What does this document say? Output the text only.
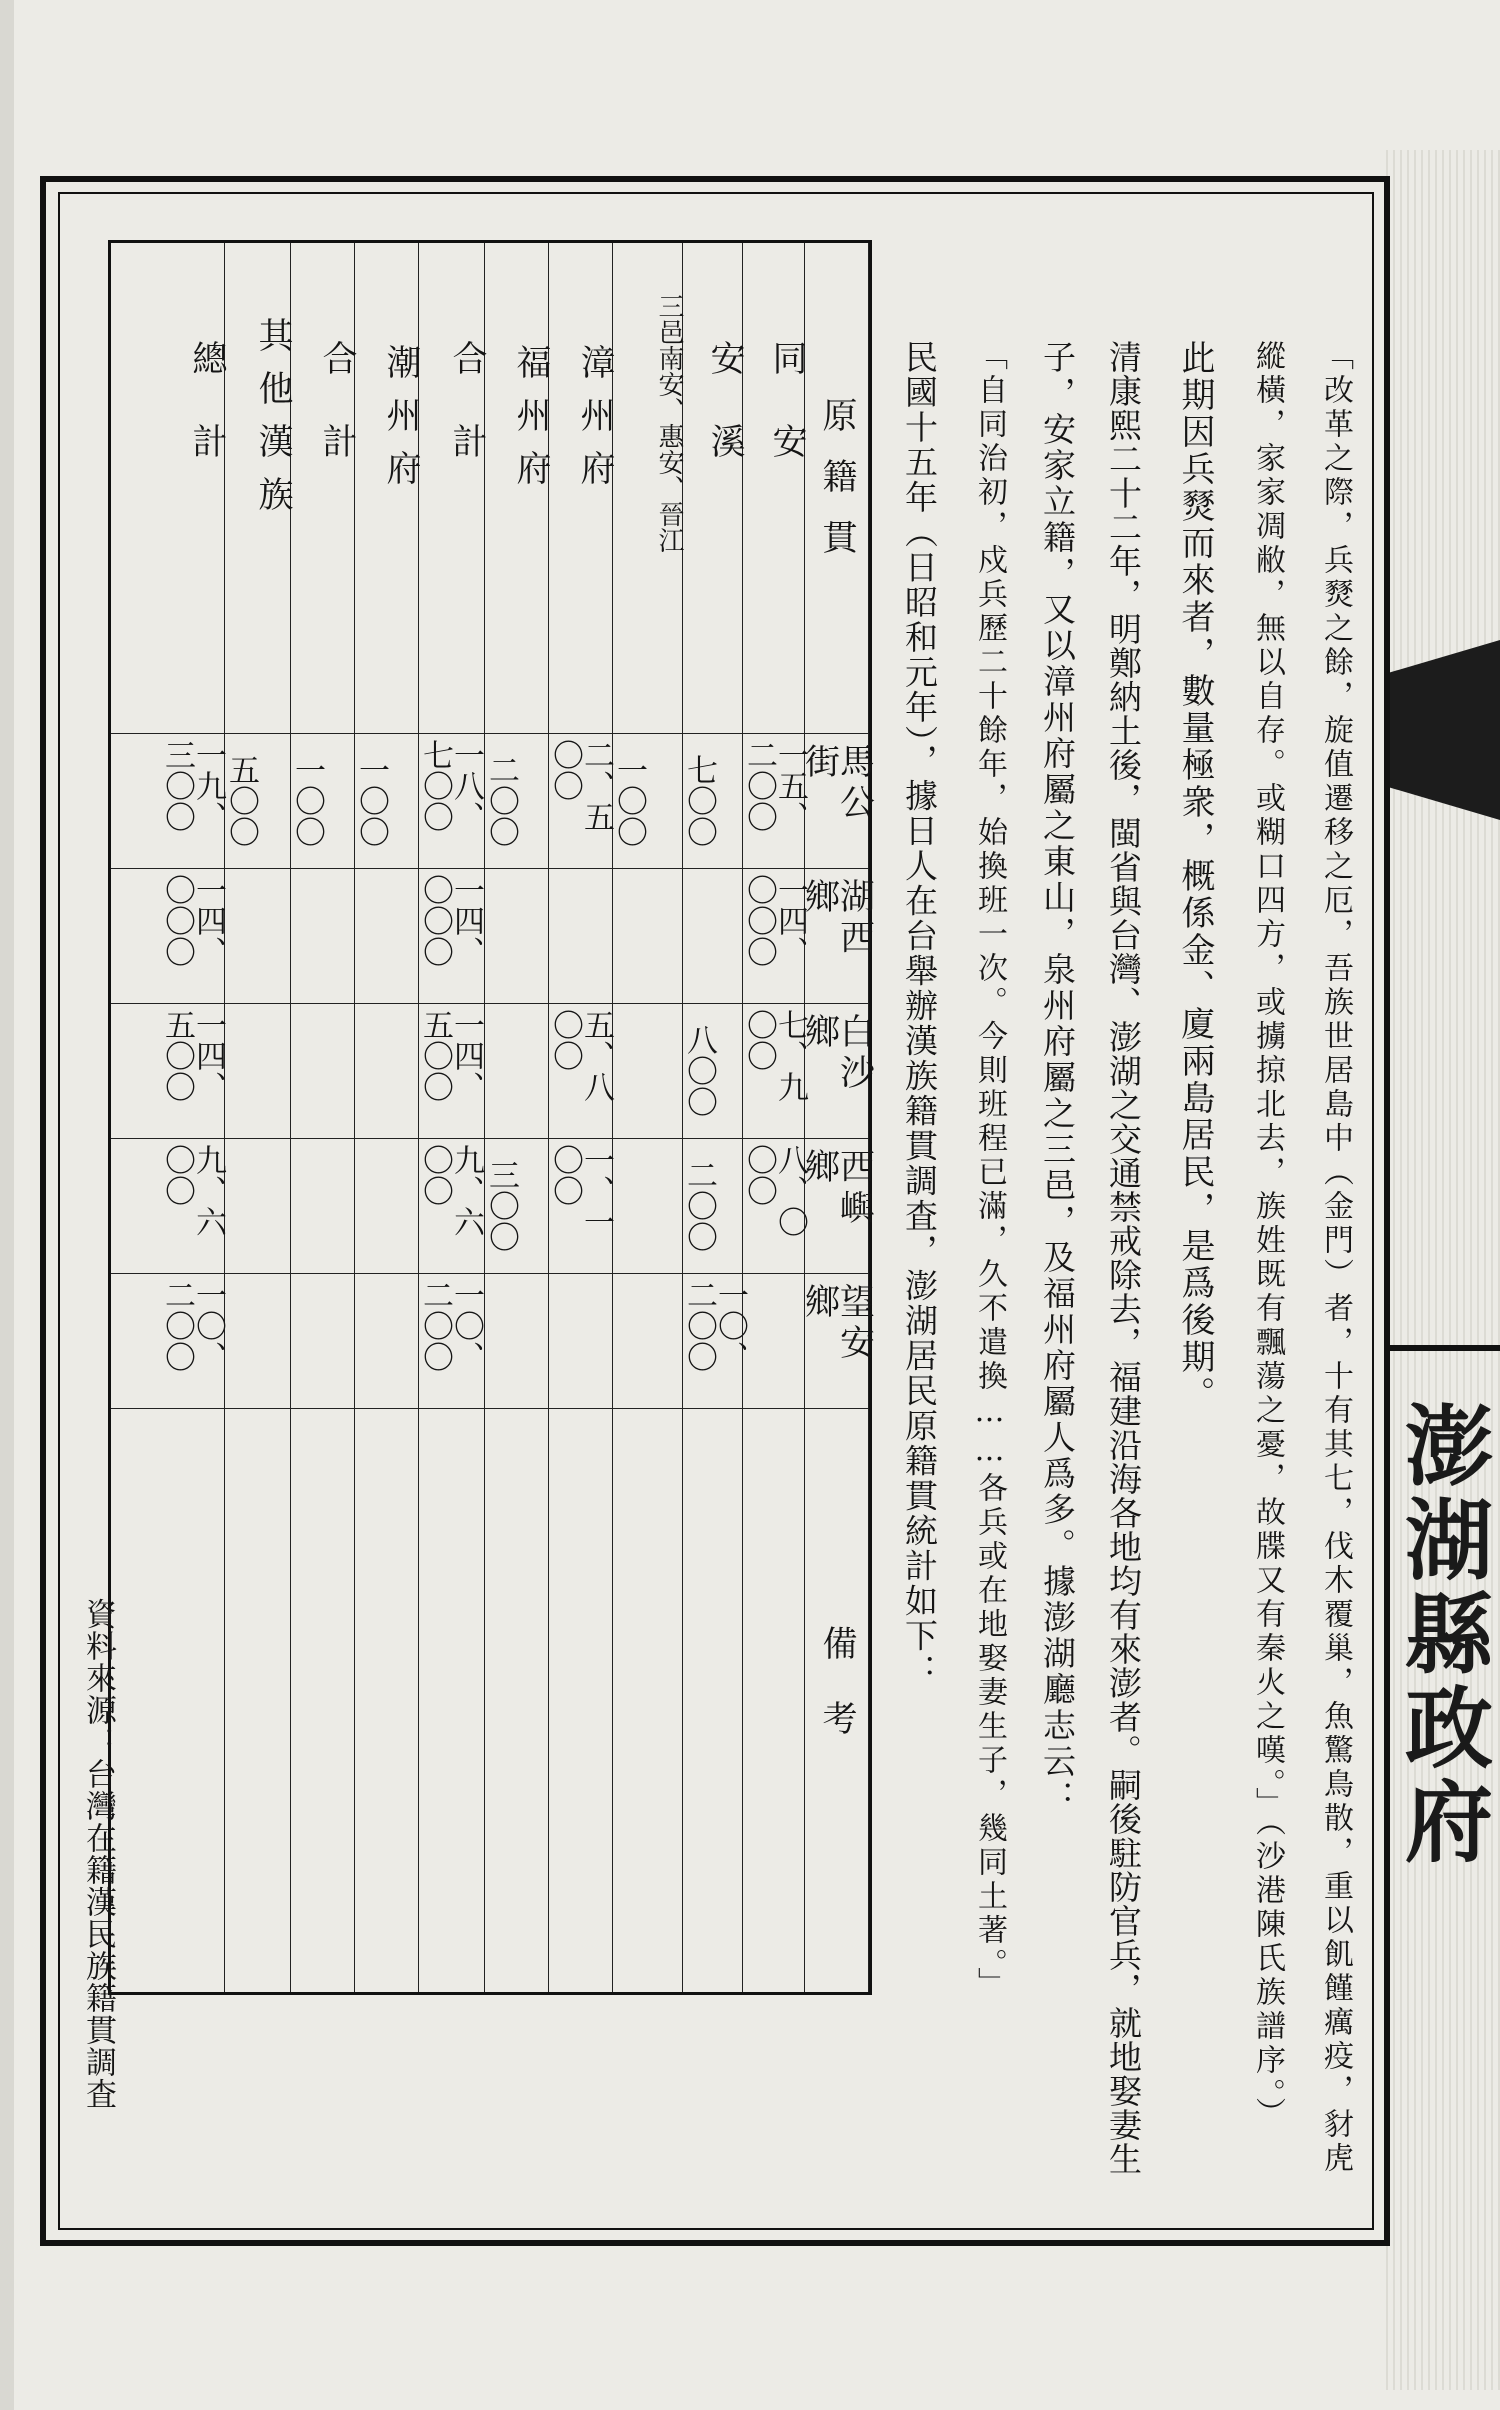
澎湖縣政府
「改革之際，兵燹之餘，旋值遷移之厄，吾族世居島中（金門）者，十有其七，伐木覆巢，魚驚鳥散，重以飢饉癘疫，豺虎
縱橫，家家凋敝，無以自存。或糊口四方，或擄掠北去，族姓既有飄蕩之憂，故牒又有秦火之嘆。」（沙港陳氏族譜序。）
此期因兵燹而來者，數量極衆，概係金、廈兩島居民，是爲後期。
清康熙二十二年，明鄭納土後，閩省與台灣、澎湖之交通禁戒除去，福建沿海各地均有來澎者。嗣後駐防官兵，就地娶妻生
子，安家立籍，又以漳州府屬之東山，泉州府屬之三邑，及福州府屬人爲多。據澎湖廳志云：
「自同治初，戍兵歷二十餘年，始換班一次。今則班程已滿，久不遣換……各兵或在地娶妻生子，幾同土著。」
民國十五年（日昭和元年），據日人在台舉辦漢族籍貫調査，澎湖居民原籍貫統計如下：
原籍貫
馬公街
湖西鄉
白沙鄉
西嶼鄉
望安鄉
備考
同安
一五、二〇〇
一四、〇〇〇
七、九〇〇
八、〇〇〇
安溪
七〇〇
八〇〇
二〇〇
一〇、二〇〇
三邑南安、惠安、晉江
一〇〇
漳州府
二、五〇〇
五、八〇〇
一、一〇〇
福州府
二〇〇
三〇〇
合計
一八、七〇〇
一四、〇〇〇
一四、五〇〇
九、六〇〇
一〇、二〇〇
潮州府
一〇〇
合計
一〇〇
其他漢族
五〇〇
總計
一九、三〇〇
一四、〇〇〇
一四、五〇〇
九、六〇〇
一〇、二〇〇
資料來源：台灣在籍漢民族籍貫調査
